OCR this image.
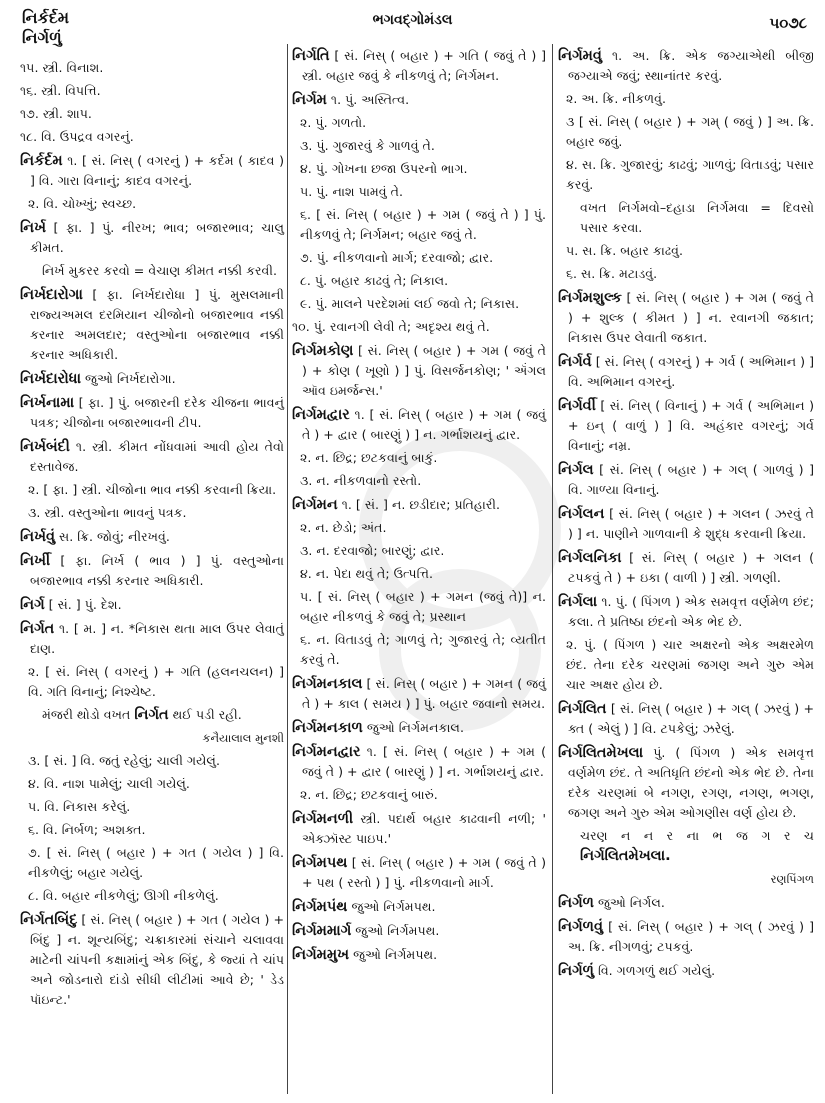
નિર્કર્દમ
નિર્ગળું
ભગવદ્ગોમંડલ	૫૦૭૮
૧૫. સ્ત્રી. વિનાશ.
૧૬. સ્ત્રી. વિપત્તિ.
૧૭. સ્ત્રી. શાપ.
૧૮. વિ. ઉપદ્રવ વગરનું.
નિર્કર્દમ ૧. [ સં. નિસ્ ( વગરનું ) + કર્દમ ( કાદવ ) ] વિ. ગારા વિનાનું; કાદવ વગરનું.
૨. વિ. ચોખ્ખું; સ્વચ્છ.
નિર્ખ [ ફા. ] પું. નીરખ; ભાવ; બજારભાવ; ચાલુ કીમત.
નિર્ખ મુકરર કરવો = વેચાણ કીમત નક્કી કરવી.
નિર્ખદારોગા [ ફા. નિર્ખદારોધા ] પું. મુસલમાની રાજ્યઅમલ દરમિયાન ચીજોનો બજારભાવ નક્કી કરનાર અમલદાર; વસ્તુઓના બજારભાવ નક્કી કરનાર અધિકારી.
નિર્ખદારોધા જુઓ નિર્ખદારોગા.
નિર્ખનામા [ ફા. ] પું. બજારની દરેક ચીજના ભાવનું પત્રક; ચીજોના બજારભાવની ટીપ.
નિર્ખબંદી ૧. સ્ત્રી. કીમત નોંધવામાં આવી હોય તેવો દસ્તાવેજ.
૨. [ ફા. ] સ્ત્રી. ચીજોના ભાવ નક્કી કરવાની ક્રિયા.
૩. સ્ત્રી. વસ્તુઓના ભાવનું પત્રક.
નિર્ખવું સ. ક્રિ. જોવું; નીરખવું.
નિર્ખી [ ફા. નિર્ખ ( ભાવ ) ] પું. વસ્તુઓના બજારભાવ નક્કી કરનાર અધિકારી.
નિર્ગ [ સં. ] પું. દેશ.
નિર્ગત ૧. [ મ. ] ન. *નિકાસ થતા માલ ઉપર લેવાતું દાણ.
૨. [ સં. નિસ્ ( વગરનું ) + ગતિ (હલનચલન) ] વિ. ગતિ વિનાનું; નિશ્ચેષ્ટ.
મંજરી થોડો વખત નિર્ગત થઈ પડી રહી.
કનૈયાલાલ મુનશી
૩. [ સં. ] વિ. જતું રહેલું; ચાલી ગયેલું.
૪. વિ. નાશ પામેલું; ચાલી ગયેલું.
૫. વિ. નિકાસ કરેલું.
૬. વિ. નિર્બળ; અશક્ત.
૭. [ સં. નિસ્ ( બહાર ) + ગત ( ગયેલ ) ] વિ. નીકળેલું; બહાર ગયેલું.
૮. વિ. બહાર નીકળેલું; ઊગી નીકળેલું.
નિર્ગતબિંદુ [ સં. નિસ્ ( બહાર ) + ગત ( ગયેલ ) + બિંદુ ] ન. શૂન્યબિંદુ; ચક્રાકારમાં સંચાને ચલાવવા માટેની ચાંપની કક્ષામાંનું એક બિંદુ, કે જ્યાં તે ચાંપ અને જોડનારો દાંડો સીધી લીટીમાં આવે છે; ' ડેડ પૉઇન્ટ.'
નિર્ગતિ [ સં. નિસ્ ( બહાર ) + ગતિ ( જવું તે ) ] સ્ત્રી. બહાર જવું કે નીકળવું તે; નિર્ગમન.
નિર્ગમ ૧. પું. અસ્તિત્વ.
૨. પું. ગળતો.
૩. પું. ગુજારવું કે ગાળવું તે.
૪. પું. ગોખના છજા ઉપરનો ભાગ.
૫. પું. નાશ પામવું તે.
૬. [ સં. નિસ્ ( બહાર ) + ગમ ( જવું તે ) ] પું. નીકળવું તે; નિર્ગમન; બહાર જવું તે.
૭. પું. નીકળવાનો માર્ગ; દરવાજો; દ્વાર.
૮. પું. બહાર કાઢવું તે; નિકાલ.
૯. પું. માલને પરદેશમાં લઈ જવો તે; નિકાસ.
૧૦. પું. રવાનગી લેવી તે; અદૃશ્ય થવું તે.
નિર્ગમકોણ [ સં. નિસ્ ( બહાર ) + ગમ ( જવું તે ) + કોણ ( ખૂણો ) ] પું. વિસર્જનકોણ; ' ઍંગલ ઑવ ઇમર્જન્સ.'
નિર્ગમદ્વાર ૧. [ સં. નિસ્ ( બહાર ) + ગમ ( જવું તે ) + દ્વાર ( બારણું ) ] ન. ગર્ભાશયનું દ્વાર.
૨. ન. છિદ્ર; છટકવાનું બાકું.
૩. ન. નીકળવાનો રસ્તો.
નિર્ગમન ૧. [ સં. ] ન. છડીદાર; પ્રતિહારી.
૨. ન. છેડો; અંત.
૩. ન. દરવાજો; બારણું; દ્વાર.
૪. ન. પેદા થવું તે; ઉત્પત્તિ.
૫. [ સં. નિસ્ ( બહાર ) + ગમન (જવું તે)] ન. બહાર નીકળવું કે જવું તે; પ્રસ્થાન
૬. ન. વિતાડવું તે; ગાળવું તે; ગુજારવું તે; વ્યતીત કરવું તે.
નિર્ગમનકાલ [ સં. નિસ્ ( બહાર ) + ગમન ( જવું તે ) + કાલ ( સમય ) ] પું. બહાર જવાનો સમય.
નિર્ગમનકાળ જુઓ નિર્ગમનકાલ.
નિર્ગમનદ્વાર ૧. [ સં. નિસ્ ( બહાર ) + ગમ ( જવું તે ) + દ્વાર ( બારણું ) ] ન. ગર્ભાશયનું દ્વાર.
૨. ન. છિદ્ર; છટકવાનું બારું.
નિર્ગમનળી સ્ત્રી. પદાર્થ બહાર કાઢવાની નળી; ' એક્ઝૉસ્ટ પાઇપ.'
નિર્ગમપથ [ સં. નિસ્ ( બહાર ) + ગમ ( જવું તે ) + પથ ( રસ્તો ) ] પું. નીકળવાનો માર્ગ.
નિર્ગમપંથ જુઓ નિર્ગમપથ.
નિર્ગમમાર્ગ જુઓ નિર્ગમપથ.
નિર્ગમમુખ જુઓ નિર્ગમપથ.
નિર્ગમવું ૧. અ. ક્રિ. એક જગ્યાએથી બીજી જગ્યાએ જવું; સ્થાનાંતર કરવું.
૨. અ. ક્રિ. નીકળવું.
૩ [ સં. નિસ્ ( બહાર ) + ગમ્ ( જવું ) ] અ. ક્રિ. બહાર જવું.
૪. સ. ક્રિ. ગુજારવું; કાઢવું; ગાળવું; વિતાડવું; પસાર કરવું.
વખત નિર્ગમવો–દહાડા નિર્ગમવા = દિવસો પસાર કરવા.
૫. સ. ક્રિ. બહાર કાઢવું.
૬. સ. ક્રિ. મટાડવું.
નિર્ગમશુલ્ક [ સં. નિસ્ ( બહાર ) + ગમ ( જવું તે ) + શુલ્ક ( કીમત ) ] ન. રવાનગી જકાત; નિકાસ ઉપર લેવાતી જકાત.
નિર્ગર્વ [ સં. નિસ્ ( વગરનું ) + ગર્વ ( અભિમાન ) ] વિ. અભિમાન વગરનું.
નિર્ગર્વી [ સં. નિસ્ ( વિનાનું ) + ગર્વ ( અભિમાન ) + ઇન્ ( વાળું ) ] વિ. અહંકાર વગરનું; ગર્વ વિનાનું; નમ્ર.
નિર્ગલ [ સં. નિસ્ ( બહાર ) + ગલ્ ( ગાળવું ) ] વિ. ગાળ્યા વિનાનું.
નિર્ગલન [ સં. નિસ્ ( બહાર ) + ગલન ( ઝરવું તે ) ] ન. પાણીને ગાળવાની કે શુદ્ધ કરવાની ક્રિયા.
નિર્ગલનિકા [ સં. નિસ્ ( બહાર ) + ગલન ( ટપકવું તે ) + ઇકા ( વાળી ) ] સ્ત્રી. ગળણી.
નિર્ગલા ૧. પું. ( પિંગળ ) એક સમવૃત્ત વર્ણમેળ છંદ; કલા. તે પ્રતિષ્ઠા છંદનો એક ભેદ છે.
૨. પું. ( પિંગળ ) ચાર અક્ષરનો એક અક્ષરમેળ છંદ. તેના દરેક ચરણમાં જગણ અને ગુરુ એમ ચાર અક્ષર હોય છે.
નિર્ગલિત [ સં. નિસ્ ( બહાર ) + ગલ્ ( ઝરવું ) + ક્ત ( એલું ) ] વિ. ટપકેલું; ઝરેલું.
નિર્ગલિતમેખલા પું. ( પિંગળ ) એક સમવૃત્ત વર્ણમેળ છંદ. તે અતિધૃતિ છંદનો એક ભેદ છે. તેના દરેક ચરણમાં બે નગણ, રગણ, નગણ, ભગણ, જગણ અને ગુરુ એમ ઓગણીસ વર્ણ હોય છે.
ચરણ ન ન ર ના ભ જ ગ ર ચ નિર્ગલિતમેખલા.
રણપિંગળ
નિર્ગળ જુઓ નિર્ગલ.
નિર્ગળવું [ સં. નિસ્ ( બહાર ) + ગલ્ ( ઝરવું ) ] અ. ક્રિ. નીગળવું; ટપકવું.
નિર્ગળું વિ. ગળગળું થઈ ગયેલું.
